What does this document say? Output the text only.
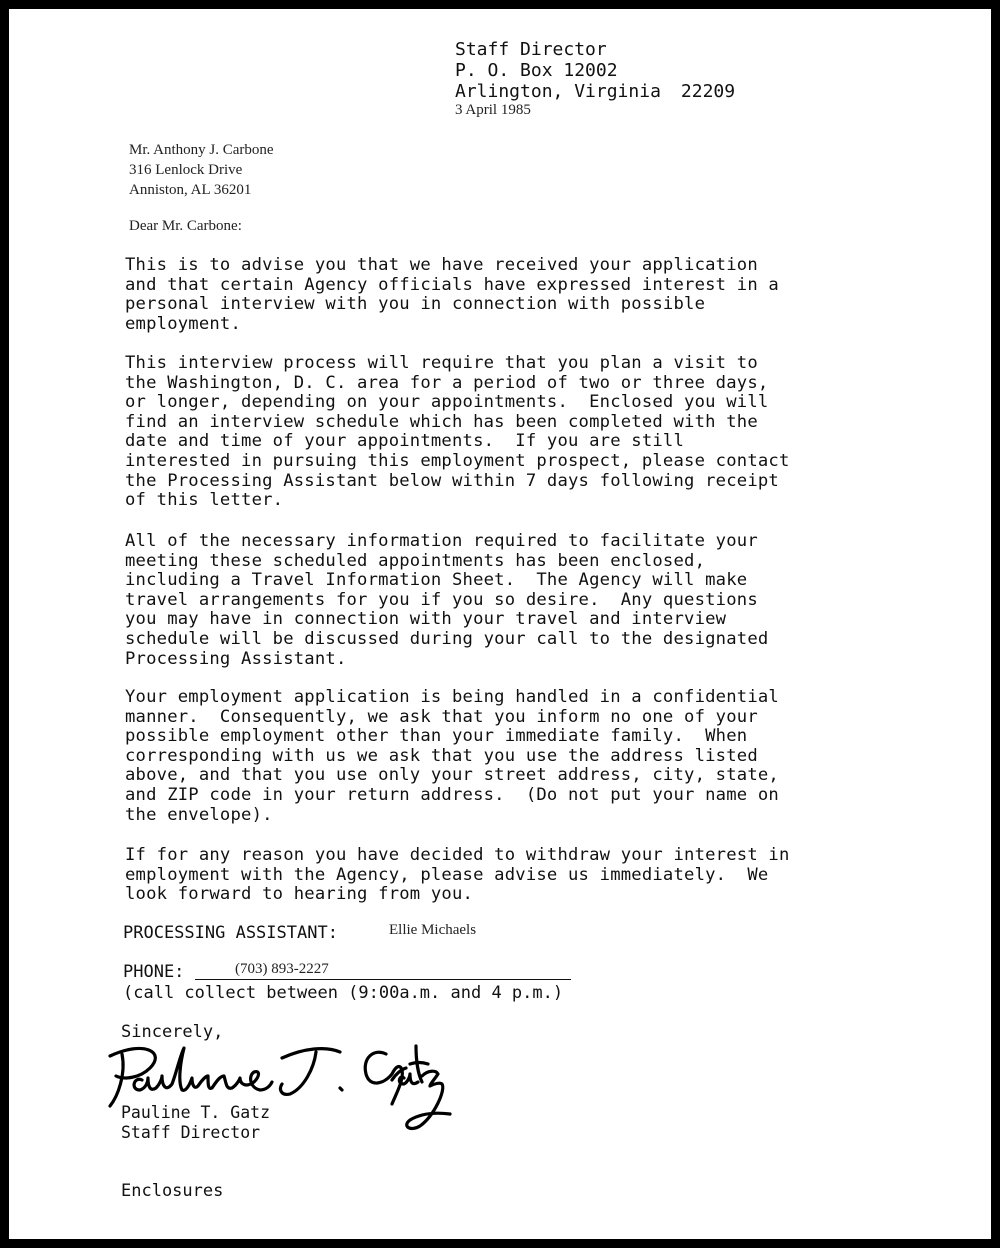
Staff Director
P. O. Box 12002
Arlington, Virginia 22209
3 April 1985
Mr. Anthony J. Carbone
316 Lenlock Drive
Anniston, AL 36201
Dear Mr. Carbone:
This is to advise you that we have received your application
and that certain Agency officials have expressed interest in a
personal interview with you in connection with possible
employment.
This interview process will require that you plan a visit to
the Washington, D. C. area for a period of two or three days,
or longer, depending on your appointments.  Enclosed you will
find an interview schedule which has been completed with the
date and time of your appointments.  If you are still
interested in pursuing this employment prospect, please contact
the Processing Assistant below within 7 days following receipt
of this letter.
All of the necessary information required to facilitate your
meeting these scheduled appointments has been enclosed,
including a Travel Information Sheet.  The Agency will make
travel arrangements for you if you so desire.  Any questions
you may have in connection with your travel and interview
schedule will be discussed during your call to the designated
Processing Assistant.
Your employment application is being handled in a confidential
manner.  Consequently, we ask that you inform no one of your
possible employment other than your immediate family.  When
corresponding with us we ask that you use the address listed
above, and that you use only your street address, city, state,
and ZIP code in your return address.  (Do not put your name on
the envelope).
If for any reason you have decided to withdraw your interest in
employment with the Agency, please advise us immediately.  We
look forward to hearing from you.
PROCESSING ASSISTANT:	Ellie Michaels
PHONE:	(703) 893-2227
(call collect between (9:00a.m. and 4 p.m.)
Sincerely,
Pauline T. Gatz
Staff Director
Enclosures
